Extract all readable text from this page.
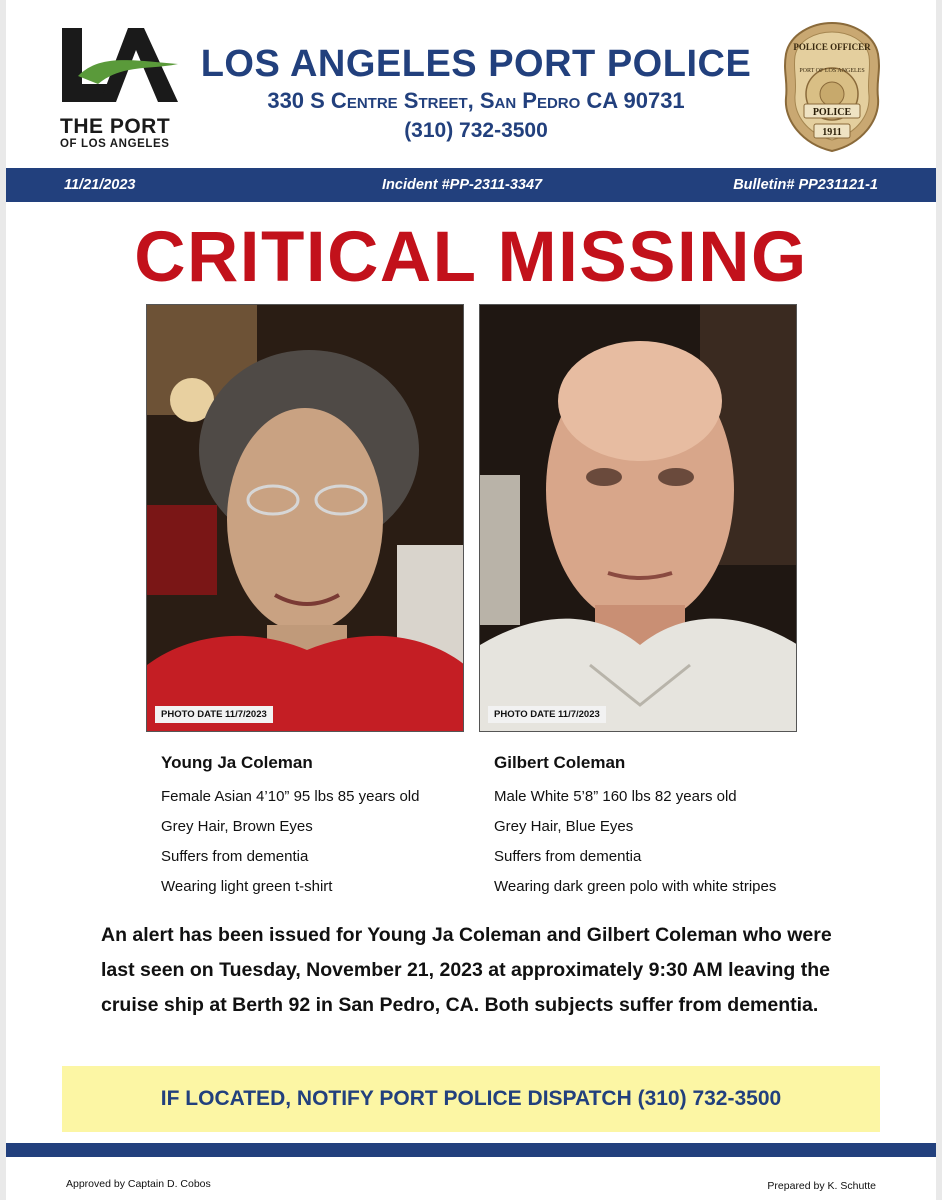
THE PORT
OF LOS ANGELES
LOS ANGELES PORT POLICE
330 S Centre Street, San Pedro CA 90731
(310) 732-3500
POLICE OFFICER
PORT OF LOS ANGELES
POLICE
1911
11/21/2023	Incident #PP-2311-3347	Bulletin# PP231121-1
CRITICAL MISSING
PHOTO DATE 11/7/2023	PHOTO DATE 11/7/2023
Young Ja Coleman
Female Asian 4’10” 95 lbs 85 years old
Grey Hair, Brown Eyes
Suffers from dementia
Wearing light green t-shirt
Gilbert Coleman
Male White 5’8” 160 lbs 82 years old
Grey Hair, Blue Eyes
Suffers from dementia
Wearing dark green polo with white stripes
An alert has been issued for Young Ja Coleman and Gilbert Coleman who were last seen on Tuesday, November 21, 2023 at approximately 9:30 AM leaving the cruise ship at Berth 92 in San Pedro, CA. Both subjects suffer from dementia.
IF LOCATED, NOTIFY PORT POLICE DISPATCH (310) 732-3500
Approved by Captain D. Cobos	Prepared by K. Schutte
